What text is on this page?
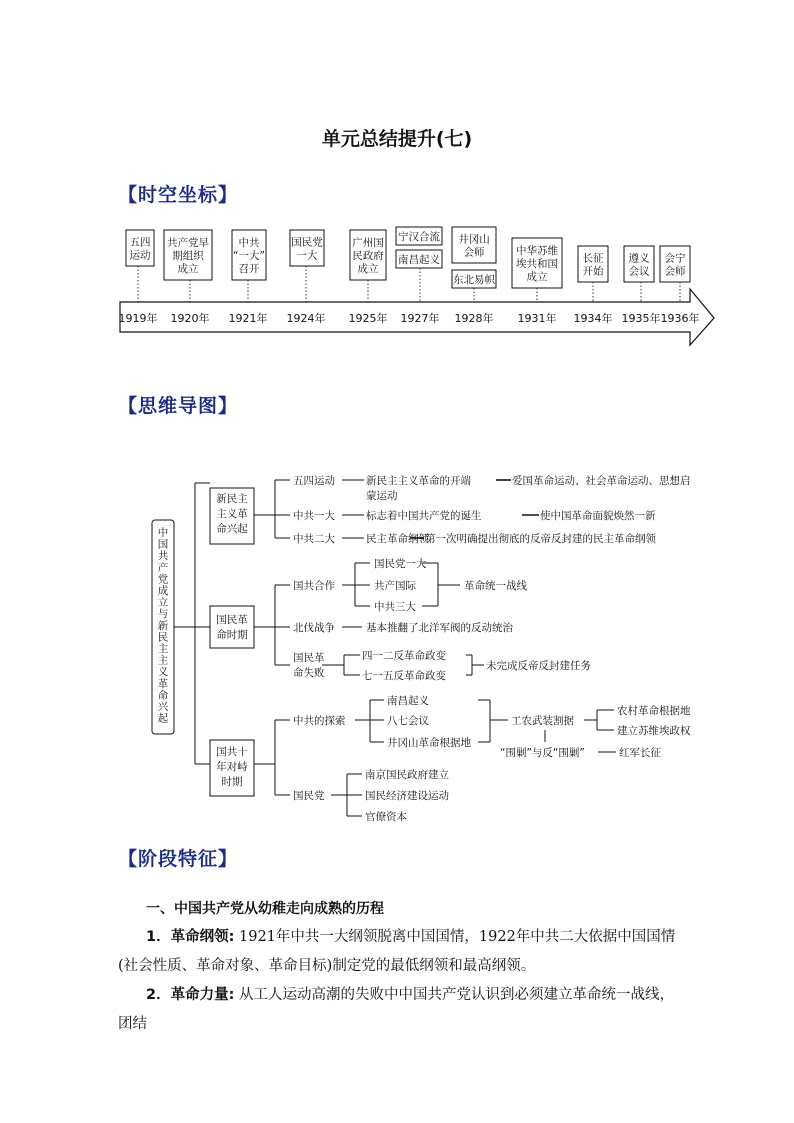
单元总结提升(七)
【时空坐标】
1919年 1920年 1921年 1924年 1925年 1927年 1928年 1931年 1934年 1935年 1936年
五四
运动
共产党早
期组织
成立
中共
“一大”
召开
国民党
一大
广州国
民政府
成立
宁汉合流
南昌起义
井冈山
会师
东北易帜
中华苏维
埃共和国
成立
长征
开始
遵义
会议
会宁
会师
【思维导图】
中
国
共
产
党
成
立
与
新
民
主
主
义
革
命
兴
起
新民主
主义革
命兴起
国民革
命时期
国共十
年对峙
时期
五四运动	新民主主义革命的开端	爱国革命运动、社会革命运动、思想启
蒙运动
中共一大	标志着中国共产党的诞生	使中国革命面貌焕然一新
中共二大	民主革命纲领
第一次明确提出彻底的反帝反封建的民主革命纲领
国共合作
国民党一大
共产国际
中共三大
革命统一战线
北伐战争	基本推翻了北洋军阀的反动统治
国民革
命失败
四一二反革命政变
七一五反革命政变
未完成反帝反封建任务
中共的探索
南昌起义
八七会议
井冈山革命根据地
工农武装割据
农村革命根据地
建立苏维埃政权
“围剿”与反“围剿”	红军长征
国民党
南京国民政府建立
国民经济建设运动
官僚资本
【阶段特征】
一、中国共产党从幼稚走向成熟的历程
1．革命纲领: 1921年中共一大纲领脱离中国国情，1922年中共二大依据中国国情(社会性质、革命对象、革命目标)制定党的最低纲领和最高纲领。
2．革命力量: 从工人运动高潮的失败中中国共产党认识到必须建立革命统一战线，团结
